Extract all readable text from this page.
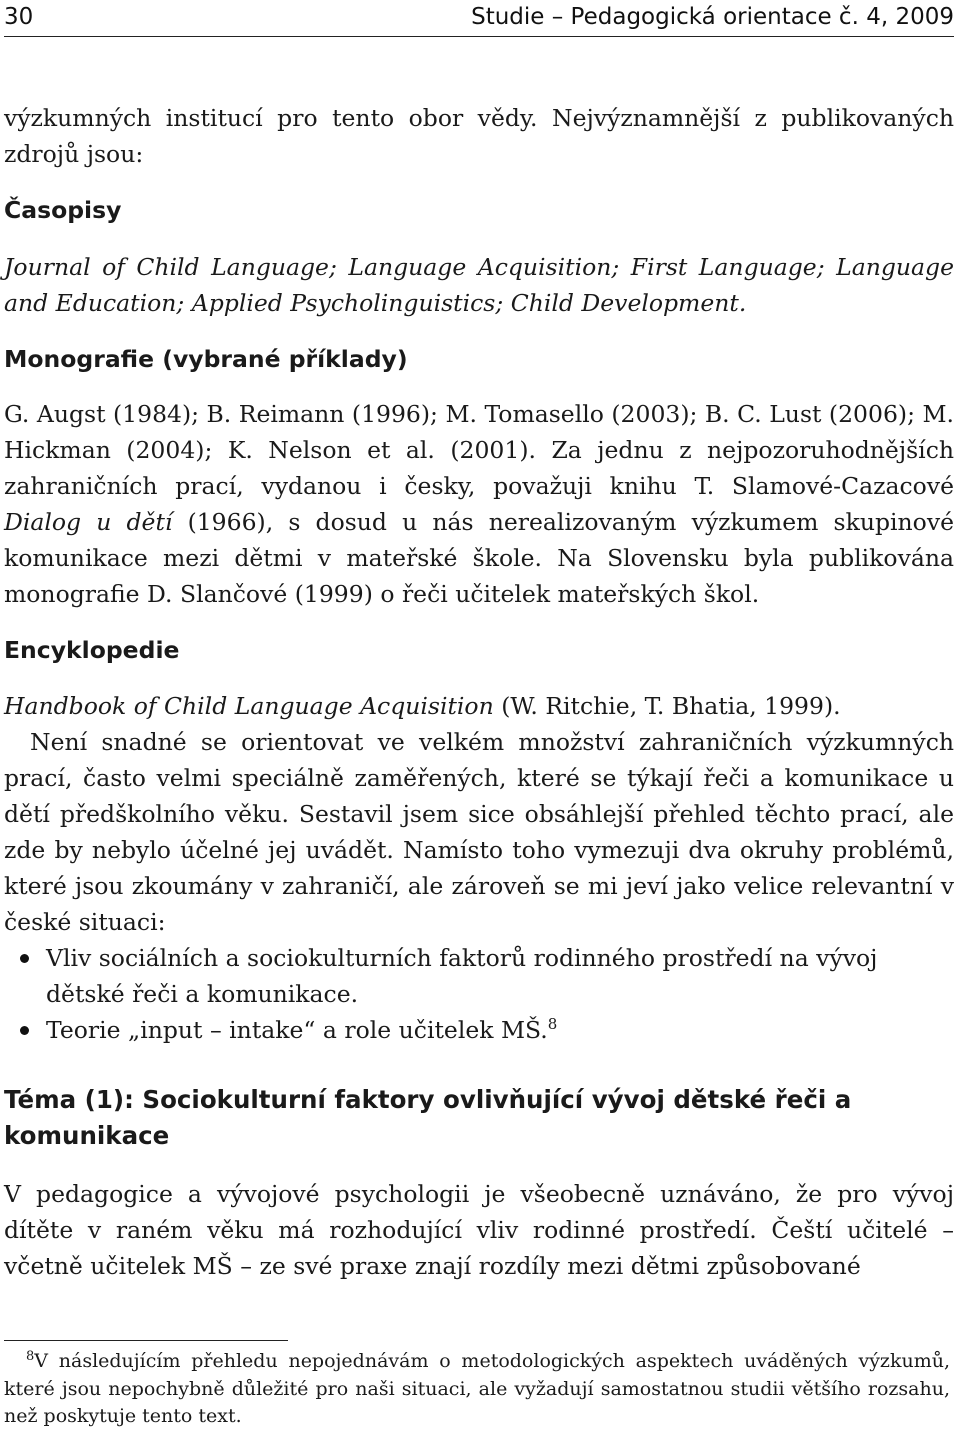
30	Studie – Pedagogická orientace č. 4, 2009

výzkumných institucí pro tento obor vědy. Nejvýznamnější z publikovaných zdrojů jsou:

Časopisy

Journal of Child Language; Language Acquisition; First Language; Language and Education; Applied Psycholinguistics; Child Development.

Monografie (vybrané příklady)

G. Augst (1984); B. Reimann (1996); M. Tomasello (2003); B. C. Lust (2006); M. Hickman (2004); K. Nelson et al. (2001). Za jednu z nejpozoruhodnějších zahraničních prací, vydanou i česky, považuji knihu T. Slamové-Cazacové Dialog u dětí (1966), s dosud u nás nerealizovaným výzkumem skupinové komunikace mezi dětmi v mateřské škole. Na Slovensku byla publikována monografie D. Slančové (1999) o řeči učitelek mateřských škol.

Encyklopedie

Handbook of Child Language Acquisition (W. Ritchie, T. Bhatia, 1999).

Není snadné se orientovat ve velkém množství zahraničních výzkumných prací, často velmi speciálně zaměřených, které se týkají řeči a komunikace u dětí předškolního věku. Sestavil jsem sice obsáhlejší přehled těchto prací, ale zde by nebylo účelné jej uvádět. Namísto toho vymezuji dva okruhy problémů, které jsou zkoumány v zahraničí, ale zároveň se mi jeví jako velice relevantní v české situaci:

Vliv sociálních a sociokulturních faktorů rodinného prostředí na vývoj dětské řeči a komunikace.
Teorie „input – intake“ a role učitelek MŠ.$^8$
Téma (1): Sociokulturní faktory ovlivňující vývoj dětské řeči a komunikace

V pedagogice a vývojové psychologii je všeobecně uznáváno, že pro vývoj dítěte v raném věku má rozhodující vliv rodinné prostředí. Čeští učitelé – včetně učitelek MŠ – ze své praxe znají rozdíly mezi dětmi způsobované

$^8$V následujícím přehledu nepojednávám o metodologických aspektech uváděných výzkumů, které jsou nepochybně důležité pro naši situaci, ale vyžadují samostatnou studii většího rozsahu, než poskytuje tento text.
